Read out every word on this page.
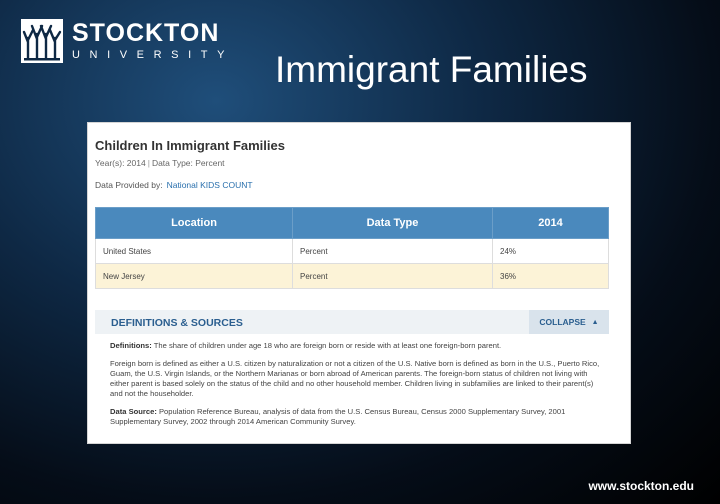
STOCKTON
UNIVERSITY Immigrant Families
Children In Immigrant Families
Year(s): 2014 | Data Type: Percent
Data Provided by: National KIDS COUNT
Location	Data Type	2014
United States	Percent	24%
New Jersey	Percent	36%
DEFINITIONS & SOURCES	COLLAPSE ▲

Definitions: The share of children under age 18 who are foreign born or reside with at least one foreign-born parent.

Foreign born is defined as either a U.S. citizen by naturalization or not a citizen of the U.S. Native born is defined as born in the U.S., Puerto Rico, Guam, the U.S. Virgin Islands, or the Northern Marianas or born abroad of American parents. The foreign-born status of children not living with either parent is based solely on the status of the child and no other household member. Children living in subfamilies are linked to their parent(s) and not the householder.

Data Source: Population Reference Bureau, analysis of data from the U.S. Census Bureau, Census 2000 Supplementary Survey, 2001 Supplementary Survey, 2002 through 2014 American Community Survey.

www.stockton.edu
